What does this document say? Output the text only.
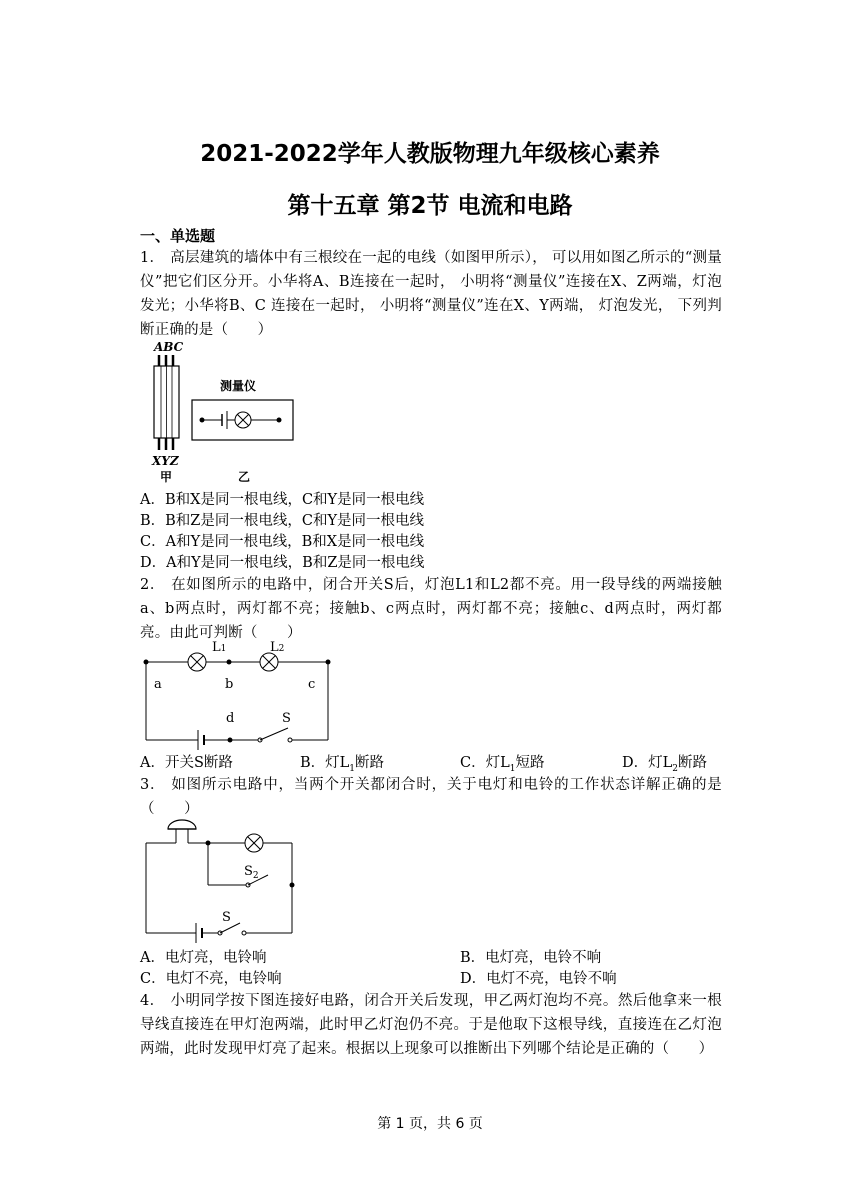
2021-2022学年人教版物理九年级核心素养
第十五章 第2节 电流和电路
一、单选题
1． 高层建筑的墙体中有三根绞在一起的电线（如图甲所示）， 可以用如图乙所示的“测量仪”把它们区分开。小华将A、B连接在一起时， 小明将“测量仪”连接在X、Z两端，灯泡发光；小华将B、C 连接在一起时， 小明将“测量仪”连在X、Y两端， 灯泡发光， 下列判断正确的是（　　）
ABC
XYZ
甲
测量仪
乙
A．B和X是同一根电线，C和Y是同一根电线
B．B和Z是同一根电线，C和Y是同一根电线
C．A和Y是同一根电线，B和X是同一根电线
D．A和Y是同一根电线，B和Z是同一根电线
2． 在如图所示的电路中，闭合开关S后，灯泡L1和L2都不亮。用一段导线的两端接触a、b两点时，两灯都不亮；接触b、c两点时，两灯都不亮；接触c、d两点时，两灯都亮。由此可判断（　　）
L1	L2
a	b	c
d	S
A．开关S断路	B．灯$L_1$断路	C．灯$L_1$短路	D．灯$L_2$断路
3． 如图所示电路中，当两个开关都闭合时，关于电灯和电铃的工作状态详解正确的是（　　）
$S_2$
S
A．电灯亮，电铃响	B．电灯亮，电铃不响
C．电灯不亮，电铃响	D．电灯不亮，电铃不响
4． 小明同学按下图连接好电路，闭合开关后发现，甲乙两灯泡均不亮。然后他拿来一根导线直接连在甲灯泡两端，此时甲乙灯泡仍不亮。于是他取下这根导线，直接连在乙灯泡两端，此时发现甲灯亮了起来。根据以上现象可以推断出下列哪个结论是正确的（　　）
第 1 页，共 6 页
